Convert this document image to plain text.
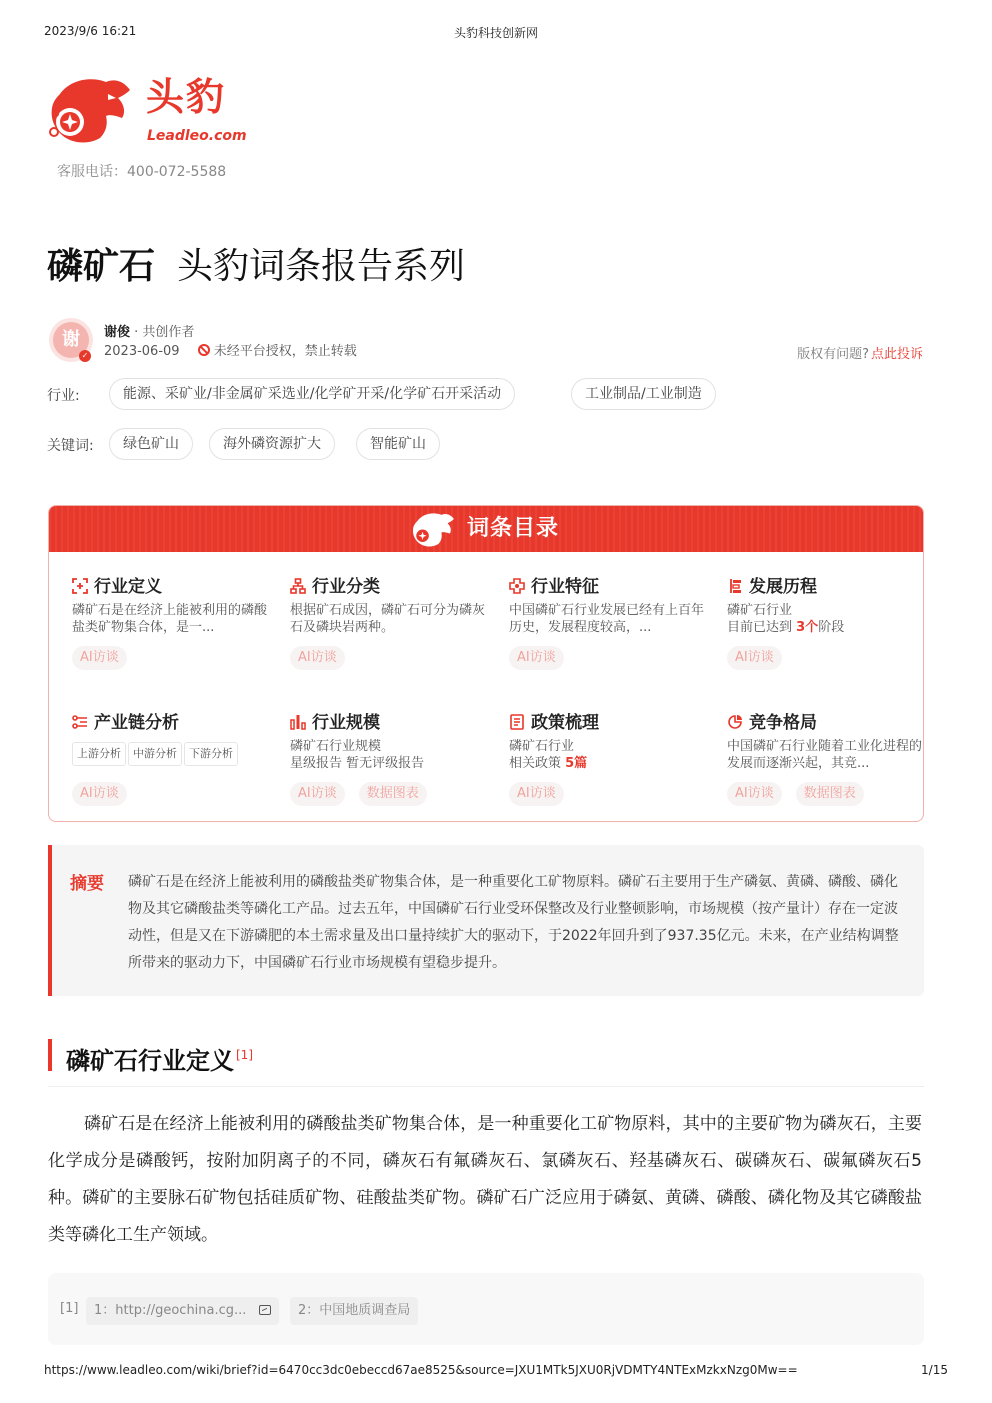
2023/9/6 16:21	头豹科技创新网
头豹
Leadleo.com
客服电话：400-072-5588
磷矿石 头豹词条报告系列
谢
✓
谢俊 · 共创作者
2023-06-09	未经平台授权，禁止转载	版权有问题? 点此投诉
行业:	能源、采矿业/非金属矿采选业/化学矿开采/化学矿石开采活动	工业制品/工业制造
关键词:	绿色矿山	海外磷资源扩大	智能矿山
词条目录
行业定义
磷矿石是在经济上能被利用的磷酸盐类矿物集合体，是一...
AI访谈
行业分类
根据矿石成因，磷矿石可分为磷灰石及磷块岩两种。
AI访谈
行业特征
中国磷矿石行业发展已经有上百年历史，发展程度较高，...
AI访谈
发展历程
磷矿石行业
目前已达到 3个阶段
AI访谈
产业链分析
上游分析 中游分析 下游分析
AI访谈
行业规模
磷矿石行业规模
星级报告 暂无评级报告
AI访谈 数据图表
政策梳理
磷矿石行业
相关政策 5篇
AI访谈
竞争格局
中国磷矿石行业随着工业化进程的发展而逐渐兴起，其竞...
AI访谈 数据图表
摘要 磷矿石是在经济上能被利用的磷酸盐类矿物集合体，是一种重要化工矿物原料。磷矿石主要用于生产磷氨、黄磷、磷酸、磷化物及其它磷酸盐类等磷化工产品。过去五年，中国磷矿石行业受环保整改及行业整顿影响，市场规模（按产量计）存在一定波动性，但是又在下游磷肥的本土需求量及出口量持续扩大的驱动下，于2022年回升到了937.35亿元。未来，在产业结构调整所带来的驱动力下，中国磷矿石行业市场规模有望稳步提升。
磷矿石行业定义 [1]

磷矿石是在经济上能被利用的磷酸盐类矿物集合体，是一种重要化工矿物原料，其中的主要矿物为磷灰石，主要化学成分是磷酸钙，按附加阴离子的不同，磷灰石有氟磷灰石、氯磷灰石、羟基磷灰石、碳磷灰石、碳氟磷灰石5种。磷矿的主要脉石矿物包括硅质矿物、硅酸盐类矿物。磷矿石广泛应用于磷氨、黄磷、磷酸、磷化物及其它磷酸盐类等磷化工生产领域。

[1]	1：http://geochina.cg...	2：中国地质调查局
https://www.leadleo.com/wiki/brief?id=6470cc3dc0ebeccd67ae8525&source=JXU1MTk5JXU0RjVDMTY4NTExMzkxNzg0Mw==	1/15
